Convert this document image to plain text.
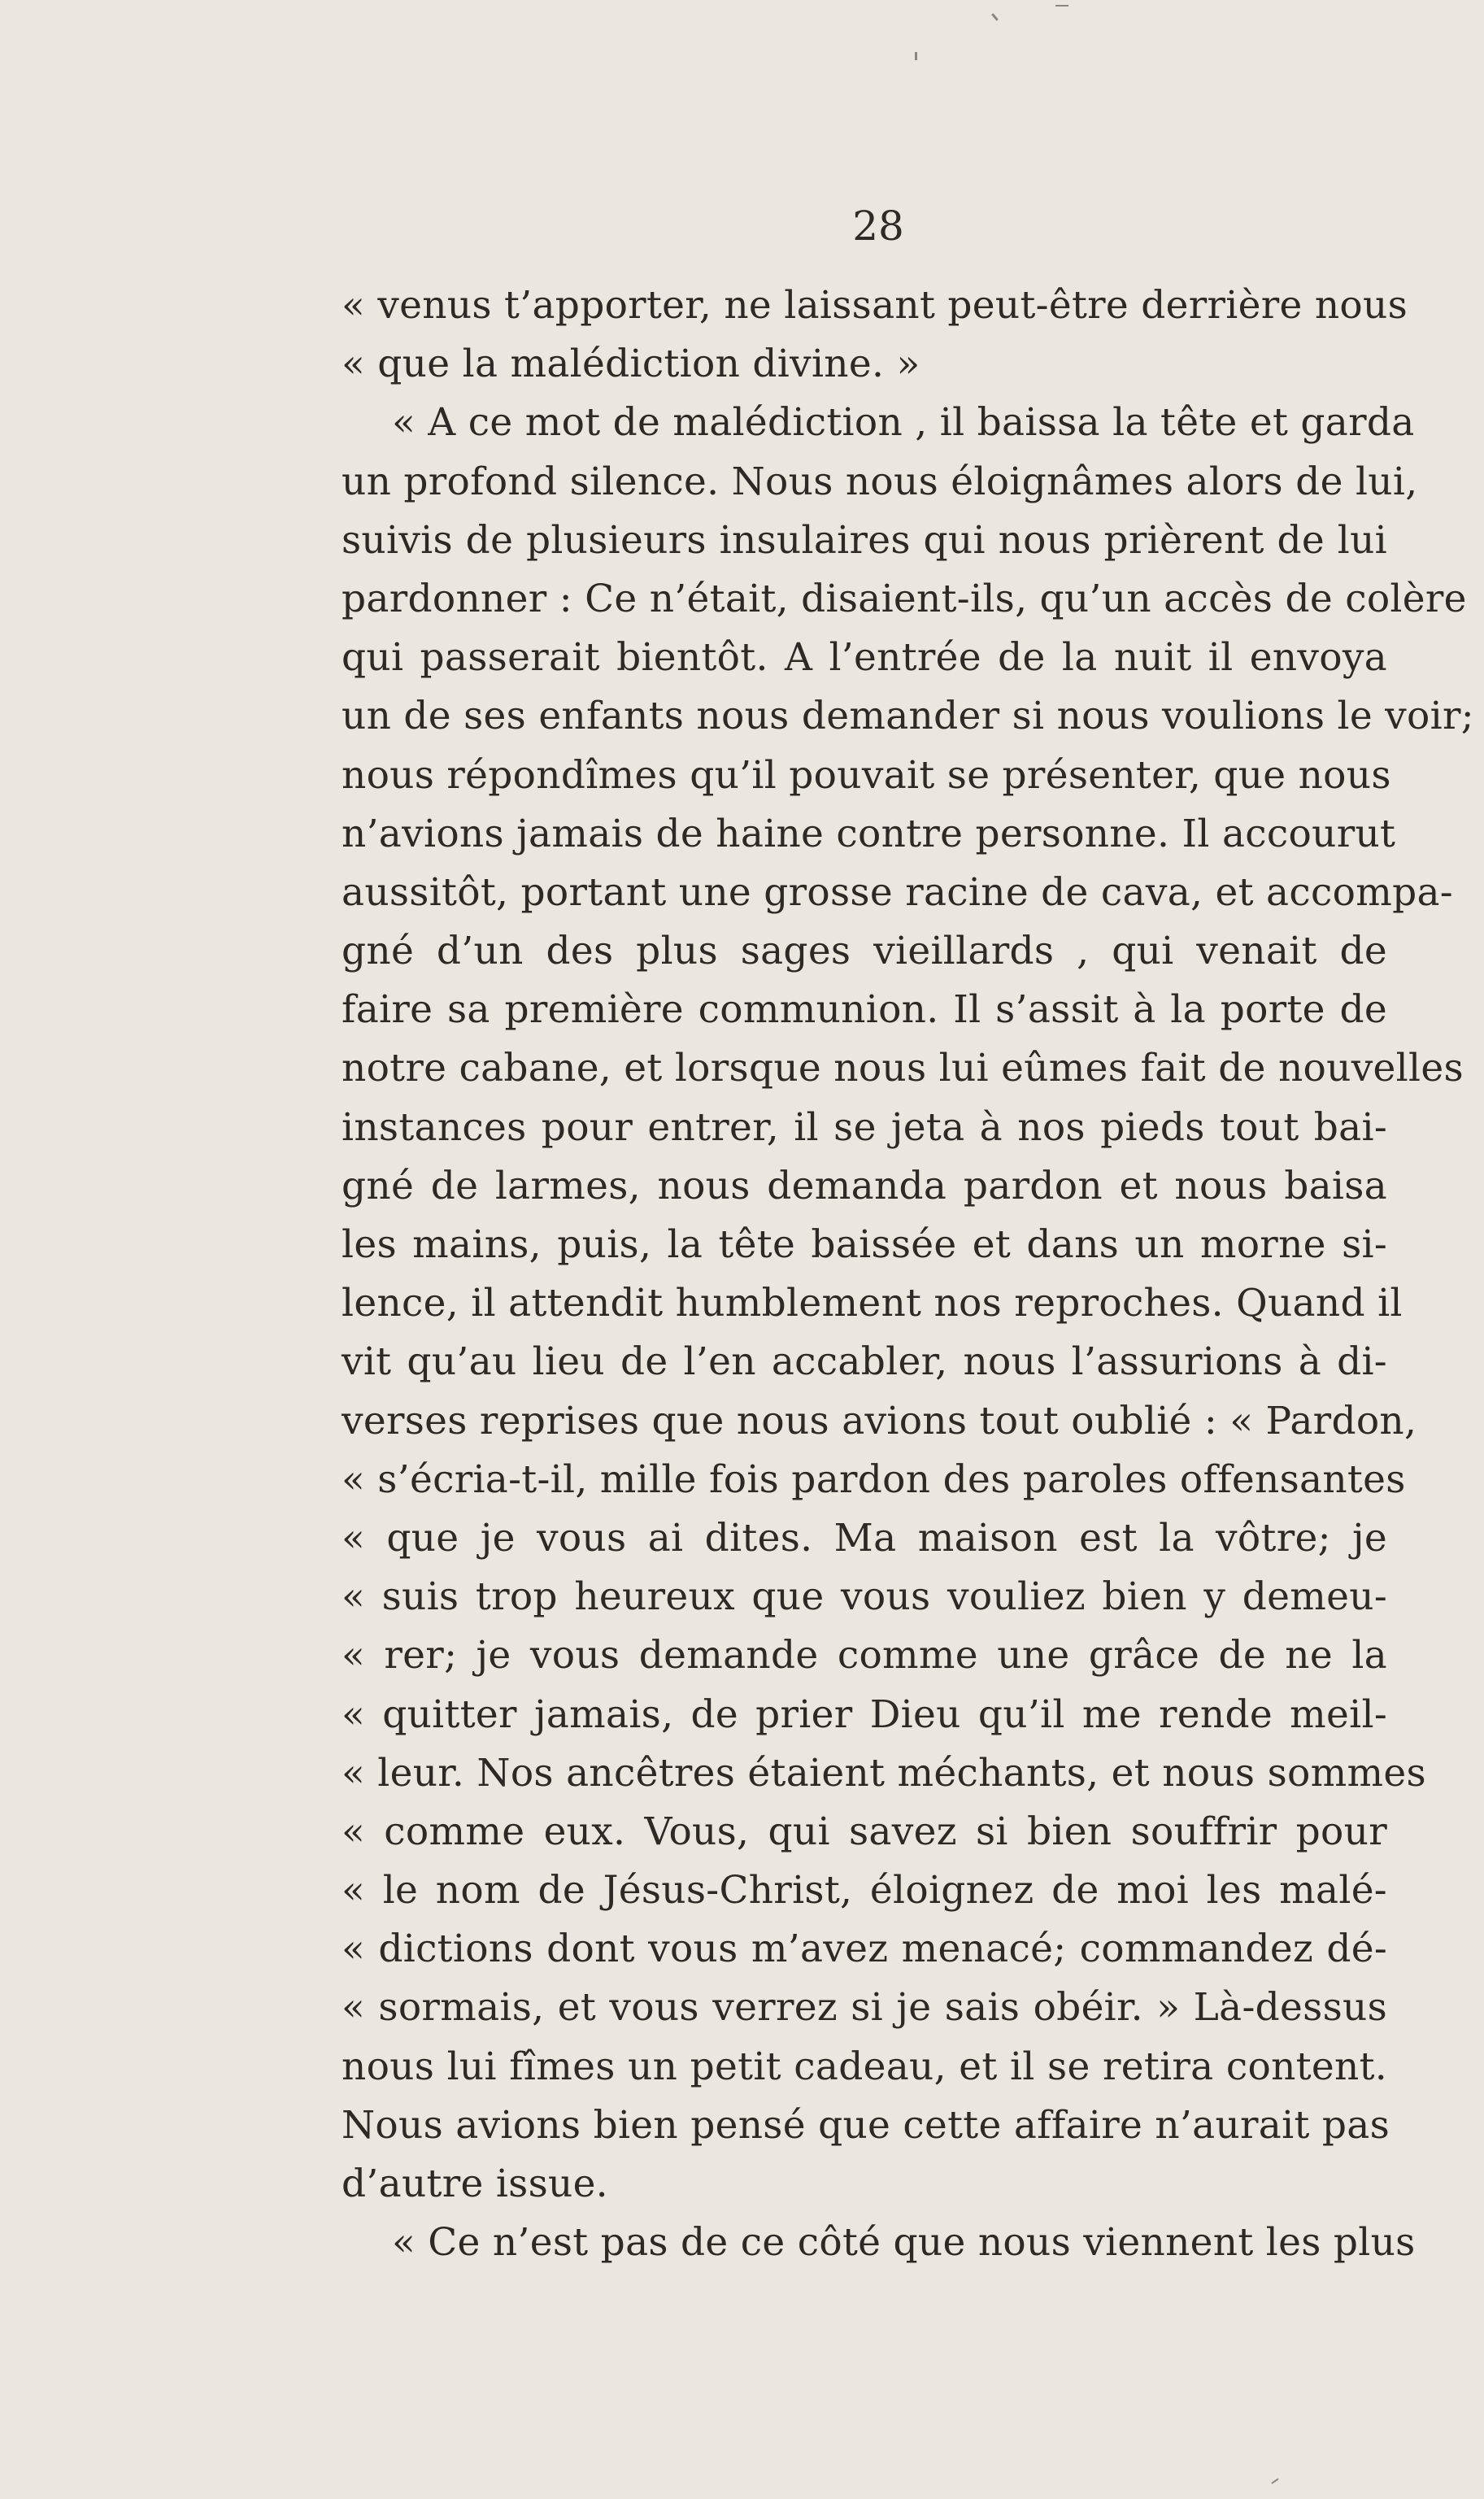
28
« venus t’apporter, ne laissant peut-être derrière nous
« que la malédiction divine. »
« A ce mot de malédiction , il baissa la tête et garda
un profond silence. Nous nous éloignâmes alors de lui,
suivis de plusieurs insulaires qui nous prièrent de lui
pardonner : Ce n’était, disaient-ils, qu’un accès de colère
qui passerait bientôt. A l’entrée de la nuit il envoya
un de ses enfants nous demander si nous voulions le voir;
nous répondîmes qu’il pouvait se présenter, que nous
n’avions jamais de haine contre personne. Il accourut
aussitôt, portant une grosse racine de cava, et accompa-
gné d’un des plus sages vieillards , qui venait de
faire sa première communion. Il s’assit à la porte de
notre cabane, et lorsque nous lui eûmes fait de nouvelles
instances pour entrer, il se jeta à nos pieds tout bai-
gné de larmes, nous demanda pardon et nous baisa
les mains, puis, la tête baissée et dans un morne si-
lence, il attendit humblement nos reproches. Quand il
vit qu’au lieu de l’en accabler, nous l’assurions à di-
verses reprises que nous avions tout oublié : « Pardon,
« s’écria-t-il, mille fois pardon des paroles offensantes
« que je vous ai dites. Ma maison est la vôtre; je
« suis trop heureux que vous vouliez bien y demeu-
« rer; je vous demande comme une grâce de ne la
« quitter jamais, de prier Dieu qu’il me rende meil-
« leur. Nos ancêtres étaient méchants, et nous sommes
« comme eux. Vous, qui savez si bien souffrir pour
« le nom de Jésus-Christ, éloignez de moi les malé-
« dictions dont vous m’avez menacé; commandez dé-
« sormais, et vous verrez si je sais obéir. » Là-dessus
nous lui fîmes un petit cadeau, et il se retira content.
Nous avions bien pensé que cette affaire n’aurait pas
d’autre issue.
« Ce n’est pas de ce côté que nous viennent les plus
